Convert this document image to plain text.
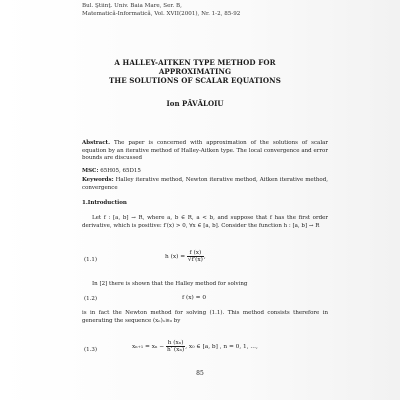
Bul. Ştiinţ. Univ. Baia Mare, Ser. B,
Matematică-Informatică, Vol. XVII(2001), Nr. 1-2, 85-92
A HALLEY-AITKEN TYPE METHOD FOR
APPROXIMATING
THE SOLUTIONS OF SCALAR EQUATIONS
Ion PĂVĂLOIU

Abstract. The paper is concerned with approximation of the solutions of scalar equation by an iterative method of Halley-Aitken type. The local convergence and error bounds are discussed

MSC: 65H05, 65D15

Keywords: Halley iterative method, Newton iterative method, Aitken iterative method, convergence

1.Introduction

Let f : [a, b] → R, where a, b ∈ R, a < b, and suppose that f has the first order derivative, which is positive: f′(x) > 0, ∀x ∈ [a, b]. Consider the function h : [a, b] → R

(1.1)	h $(x) = \frac{f (x)}{√f'(x)}$ ,

In [2] there is shown that the Halley method for solving

(1.2)	f (x) = 0

is in fact the Newton method for solving (1.1). This method consists therefore in generating the sequence (xₙ)ₙ≥₀ by

(1.3)	$x_{n+1} = x_n - \frac{\text{h (xₙ)}}{\text{h′ (xₙ)}}$ , x₀ ∈ [a, b] , n = 0, 1, ...,
85
